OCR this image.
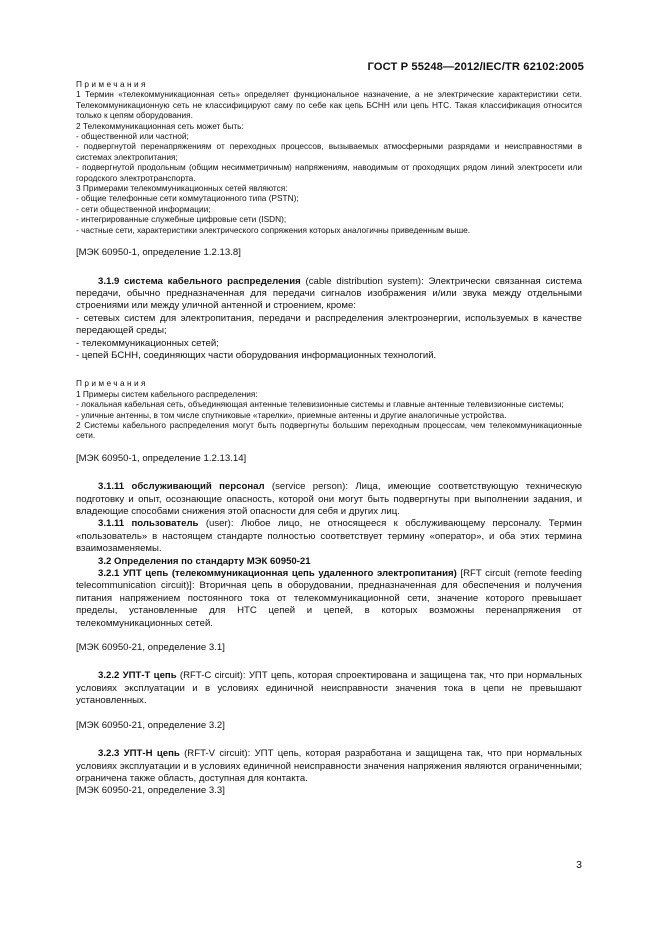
ГОСТ Р 55248—2012/IEC/TR 62102:2005

Примечания

1 Термин «телекоммуникационная сеть» определяет функциональное назначение, а не электрические характеристики сети. Телекоммуникационную сеть не классифицируют саму по себе как цепь БСНН или цепь НТС. Такая классификация относится только к цепям оборудования.

2 Телекоммуникационная сеть может быть:

- общественной или частной;

- подвергнутой перенапряжениям от переходных процессов, вызываемых атмосферными разрядами и неисправностями в системах электропитания;

- подвергнутой продольным (общим несимметричным) напряжениям, наводимым от проходящих рядом линий электросети или городского электротранспорта.

3 Примерами телекоммуникационных сетей являются:

- общие телефонные сети коммутационного типа (PSTN);

- сети общественной информации;

- интегрированные служебные цифровые сети (ISDN);

- частные сети, характеристики электрического сопряжения которых аналогичны приведенным выше.

[МЭК 60950-1, определение 1.2.13.8]

3.1.9 система кабельного распределения (cable distribution system): Электрически связанная система передачи, обычно предназначенная для передачи сигналов изображения и/или звука между отдельными строениями или между уличной антенной и строением, кроме:

- сетевых систем для электропитания, передачи и распределения электроэнергии, используемых в качестве передающей среды;

- телекоммуникационных сетей;

- цепей БСНН, соединяющих части оборудования информационных технологий.

Примечания

1 Примеры систем кабельного распределения:

- локальная кабельная сеть, объединяющая антенные телевизионные системы и главные антенные телевизионные системы;

- уличные антенны, в том числе спутниковые «тарелки», приемные антенны и другие аналогичные устройства.

2 Системы кабельного распределения могут быть подвергнуты большим переходным процессам, чем телекоммуникационные сети.

[МЭК 60950-1, определение 1.2.13.14]

3.1.11 обслуживающий персонал (service person): Лица, имеющие соответствующую техническую подготовку и опыт, осознающие опасность, которой они могут быть подвергнуты при выполнении задания, и владеющие способами снижения этой опасности для себя и других лиц.

3.1.11 пользователь (user): Любое лицо, не относящееся к обслуживающему персоналу. Термин «пользователь» в настоящем стандарте полностью соответствует термину «оператор», и оба этих термина взаимозаменяемы.

3.2 Определения по стандарту МЭК 60950-21

3.2.1 УПТ цепь (телекоммуникационная цепь удаленного электропитания) [RFT circuit (remote feeding telecommunication circuit)]: Вторичная цепь в оборудовании, предназначенная для обеспечения и получения питания напряжением постоянного тока от телекоммуникационной сети, значение которого превышает пределы, установленные для НТС цепей и цепей, в которых возможны перенапряжения от телекоммуникационных сетей.

[МЭК 60950-21, определение 3.1]

3.2.2 УПТ-Т цепь (RFT-C circuit): УПТ цепь, которая спроектирована и защищена так, что при нормальных условиях эксплуатации и в условиях единичной неисправности значения тока в цепи не превышают установленных.

[МЭК 60950-21, определение 3.2]

3.2.3 УПТ-Н цепь (RFT-V circuit): УПТ цепь, которая разработана и защищена так, что при нормальных условиях эксплуатации и в условиях единичной неисправности значения напряжения являются ограниченными; ограничена также область, доступная для контакта.

[МЭК 60950-21, определение 3.3]

3
